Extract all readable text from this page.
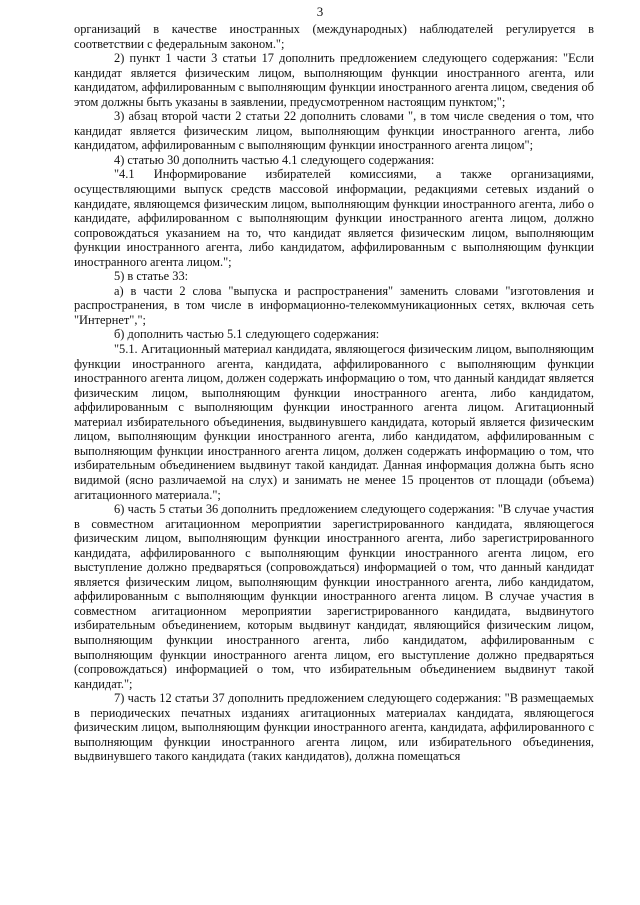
3

организаций в качестве иностранных (международных) наблюдателей регулируется в соответствии с федеральным законом.";

2) пункт 1 части 3 статьи 17 дополнить предложением следующего содержания: "Если кандидат является физическим лицом, выполняющим функции иностранного агента, или кандидатом, аффилированным с выполняющим функции иностранного агента лицом, сведения об этом должны быть указаны в заявлении, предусмотренном настоящим пунктом;";

3) абзац второй части 2 статьи 22 дополнить словами ", в том числе сведения о том, что кандидат является физическим лицом, выполняющим функции иностранного агента, либо кандидатом, аффилированным с выполняющим функции иностранного агента лицом";

4) статью 30 дополнить частью 4.1 следующего содержания:

"4.1 Информирование избирателей комиссиями, а также организациями, осуществляющими выпуск средств массовой информации, редакциями сетевых изданий о кандидате, являющемся физическим лицом, выполняющим функции иностранного агента, либо о кандидате, аффилированном с выполняющим функции иностранного агента лицом, должно сопровождаться указанием на то, что кандидат является физическим лицом, выполняющим функции иностранного агента, либо кандидатом, аффилированным с выполняющим функции иностранного агента лицом.";

5) в статье 33:

а) в части 2 слова "выпуска и распространения" заменить словами "изготовления и распространения, в том числе в информационно-телекоммуникационных сетях, включая сеть "Интернет",";

б) дополнить частью 5.1 следующего содержания:

"5.1. Агитационный материал кандидата, являющегося физическим лицом, выполняющим функции иностранного агента, кандидата, аффилированного с выполняющим функции иностранного агента лицом, должен содержать информацию о том, что данный кандидат является физическим лицом, выполняющим функции иностранного агента, либо кандидатом, аффилированным с выполняющим функции иностранного агента лицом. Агитационный материал избирательного объединения, выдвинувшего кандидата, который является физическим лицом, выполняющим функции иностранного агента, либо кандидатом, аффилированным с выполняющим функции иностранного агента лицом, должен содержать информацию о том, что избирательным объединением выдвинут такой кандидат. Данная информация должна быть ясно видимой (ясно различаемой на слух) и занимать не менее 15 процентов от площади (объема) агитационного материала.";

6) часть 5 статьи 36 дополнить предложением следующего содержания: "В случае участия в совместном агитационном мероприятии зарегистрированного кандидата, являющегося физическим лицом, выполняющим функции иностранного агента, либо зарегистрированного кандидата, аффилированного с выполняющим функции иностранного агента лицом, его выступление должно предваряться (сопровождаться) информацией о том, что данный кандидат является физическим лицом, выполняющим функции иностранного агента, либо кандидатом, аффилированным с выполняющим функции иностранного агента лицом. В случае участия в совместном агитационном мероприятии зарегистрированного кандидата, выдвинутого избирательным объединением, которым выдвинут кандидат, являющийся физическим лицом, выполняющим функции иностранного агента, либо кандидатом, аффилированным с выполняющим функции иностранного агента лицом, его выступление должно предваряться (сопровождаться) информацией о том, что избирательным объединением выдвинут такой кандидат.";

7) часть 12 статьи 37 дополнить предложением следующего содержания: "В размещаемых в периодических печатных изданиях агитационных материалах кандидата, являющегося физическим лицом, выполняющим функции иностранного агента, кандидата, аффилированного с выполняющим функции иностранного агента лицом, или избирательного объединения, выдвинувшего такого кандидата (таких кандидатов), должна помещаться
